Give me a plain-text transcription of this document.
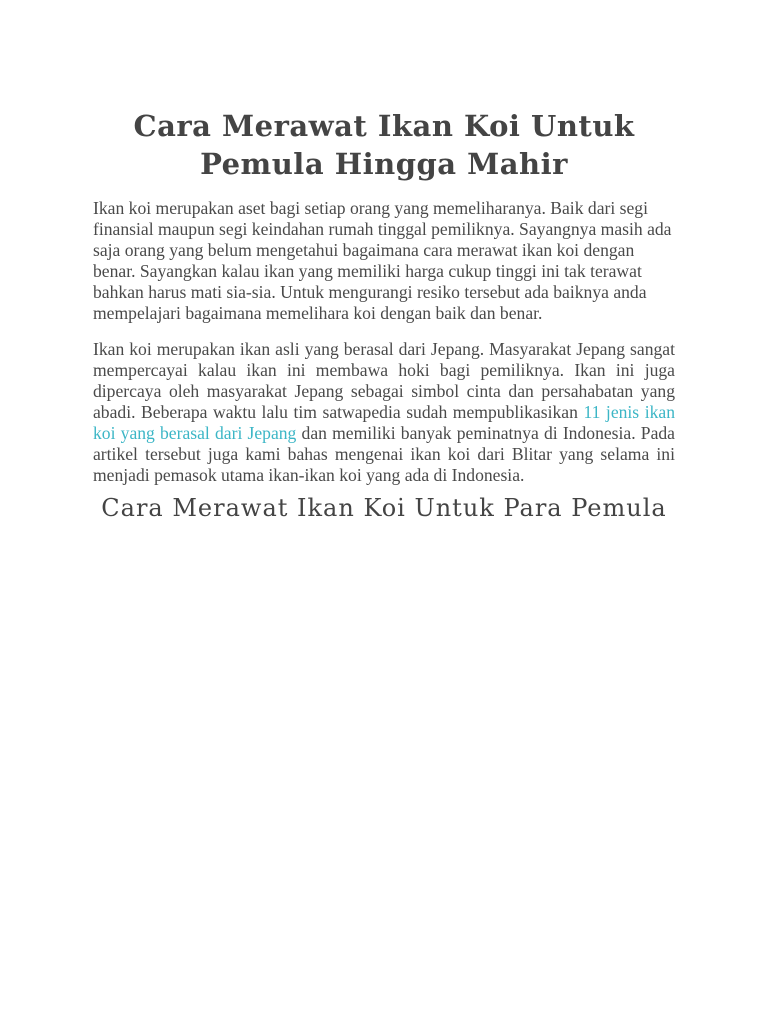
Cara Merawat Ikan Koi Untuk Pemula Hingga Mahir

Ikan koi merupakan aset bagi setiap orang yang memeliharanya. Baik dari segi finansial maupun segi keindahan rumah tinggal pemiliknya. Sayangnya masih ada saja orang yang belum mengetahui bagaimana cara merawat ikan koi dengan benar. Sayangkan kalau ikan yang memiliki harga cukup tinggi ini tak terawat bahkan harus mati sia-sia. Untuk mengurangi resiko tersebut ada baiknya anda mempelajari bagaimana memelihara koi dengan baik dan benar.

Ikan koi merupakan ikan asli yang berasal dari Jepang. Masyarakat Jepang sangat mempercayai kalau ikan ini membawa hoki bagi pemiliknya. Ikan ini juga dipercaya oleh masyarakat Jepang sebagai simbol cinta dan persahabatan yang abadi. Beberapa waktu lalu tim satwapedia sudah mempublikasikan 11 jenis ikan koi yang berasal dari Jepang dan memiliki banyak peminatnya di Indonesia. Pada artikel tersebut juga kami bahas mengenai ikan koi dari Blitar yang selama ini menjadi pemasok utama ikan-ikan koi yang ada di Indonesia.

Cara Merawat Ikan Koi Untuk Para Pemula
